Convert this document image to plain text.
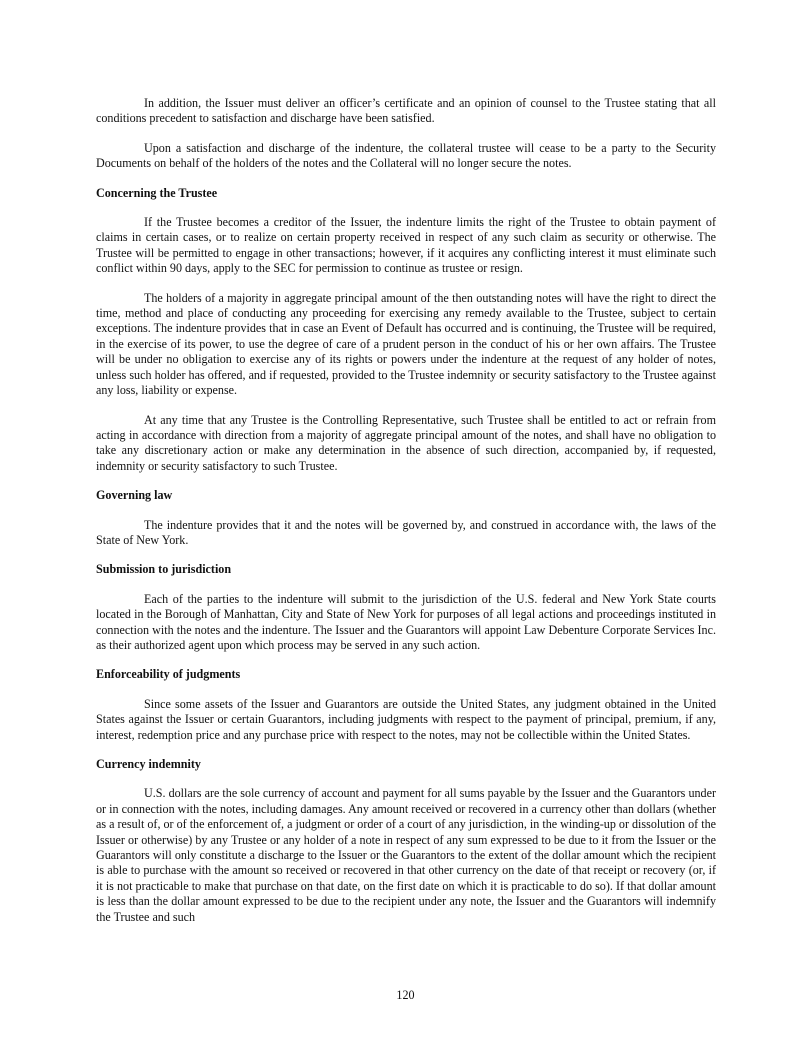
In addition, the Issuer must deliver an officer’s certificate and an opinion of counsel to the Trustee stating that all conditions precedent to satisfaction and discharge have been satisfied.

Upon a satisfaction and discharge of the indenture, the collateral trustee will cease to be a party to the Security Documents on behalf of the holders of the notes and the Collateral will no longer secure the notes.

Concerning the Trustee

If the Trustee becomes a creditor of the Issuer, the indenture limits the right of the Trustee to obtain payment of claims in certain cases, or to realize on certain property received in respect of any such claim as security or otherwise. The Trustee will be permitted to engage in other transactions; however, if it acquires any conflicting interest it must eliminate such conflict within 90 days, apply to the SEC for permission to continue as trustee or resign.

The holders of a majority in aggregate principal amount of the then outstanding notes will have the right to direct the time, method and place of conducting any proceeding for exercising any remedy available to the Trustee, subject to certain exceptions. The indenture provides that in case an Event of Default has occurred and is continuing, the Trustee will be required, in the exercise of its power, to use the degree of care of a prudent person in the conduct of his or her own affairs. The Trustee will be under no obligation to exercise any of its rights or powers under the indenture at the request of any holder of notes, unless such holder has offered, and if requested, provided to the Trustee indemnity or security satisfactory to the Trustee against any loss, liability or expense.

At any time that any Trustee is the Controlling Representative, such Trustee shall be entitled to act or refrain from acting in accordance with direction from a majority of aggregate principal amount of the notes, and shall have no obligation to take any discretionary action or make any determination in the absence of such direction, accompanied by, if requested, indemnity or security satisfactory to such Trustee.

Governing law

The indenture provides that it and the notes will be governed by, and construed in accordance with, the laws of the State of New York.

Submission to jurisdiction

Each of the parties to the indenture will submit to the jurisdiction of the U.S. federal and New York State courts located in the Borough of Manhattan, City and State of New York for purposes of all legal actions and proceedings instituted in connection with the notes and the indenture. The Issuer and the Guarantors will appoint Law Debenture Corporate Services Inc. as their authorized agent upon which process may be served in any such action.

Enforceability of judgments

Since some assets of the Issuer and Guarantors are outside the United States, any judgment obtained in the United States against the Issuer or certain Guarantors, including judgments with respect to the payment of principal, premium, if any, interest, redemption price and any purchase price with respect to the notes, may not be collectible within the United States.

Currency indemnity

U.S. dollars are the sole currency of account and payment for all sums payable by the Issuer and the Guarantors under or in connection with the notes, including damages. Any amount received or recovered in a currency other than dollars (whether as a result of, or of the enforcement of, a judgment or order of a court of any jurisdiction, in the winding-up or dissolution of the Issuer or otherwise) by any Trustee or any holder of a note in respect of any sum expressed to be due to it from the Issuer or the Guarantors will only constitute a discharge to the Issuer or the Guarantors to the extent of the dollar amount which the recipient is able to purchase with the amount so received or recovered in that other currency on the date of that receipt or recovery (or, if it is not practicable to make that purchase on that date, on the first date on which it is practicable to do so). If that dollar amount is less than the dollar amount expressed to be due to the recipient under any note, the Issuer and the Guarantors will indemnify the Trustee and such

120
